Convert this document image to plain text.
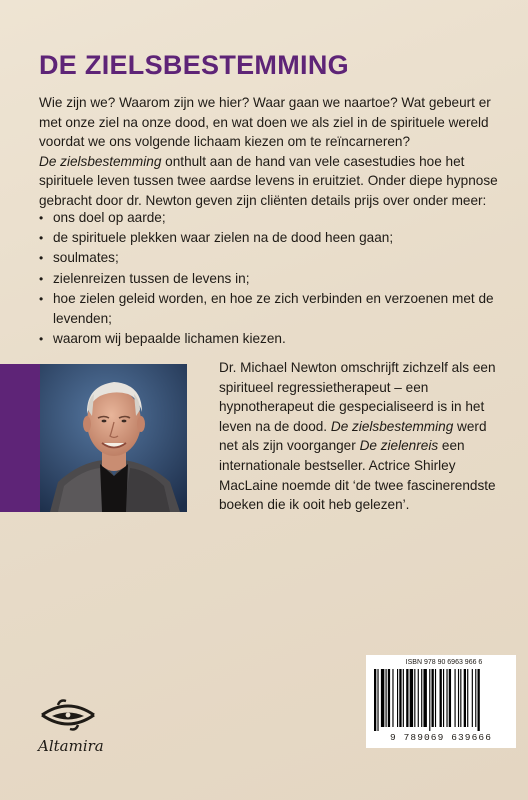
DE ZIELSBESTEMMING

Wie zijn we? Waarom zijn we hier? Waar gaan we naartoe? Wat gebeurt er met onze ziel na onze dood, en wat doen we als ziel in de spirituele wereld voordat we ons volgende lichaam kiezen om te reïncarneren?

De zielsbestemming onthult aan de hand van vele casestudies hoe het spirituele leven tussen twee aardse levens in eruitziet. Onder diepe hypnose gebracht door dr. Newton geven zijn cliënten details prijs over onder meer:

• ons doel op aarde;
• de spirituele plekken waar zielen na de dood heen gaan;
• soulmates;
• zielenreizen tussen de levens in;
• hoe zielen geleid worden, en hoe ze zich verbinden en verzoenen met de levenden;
• waarom wij bepaalde lichamen kiezen.

Dr. Michael Newton omschrijft zichzelf als een spiritueel regressietherapeut – een hypnotherapeut die gespecialiseerd is in het leven na de dood. De zielsbestemming werd net als zijn voorganger De zielenreis een internationale bestseller. Actrice Shirley MacLaine noemde dit ‘de twee fascinerendste boeken die ik ooit heb gelezen’.

Altamira

ISBN 978 90 6963 966 6

9 789069 639666
